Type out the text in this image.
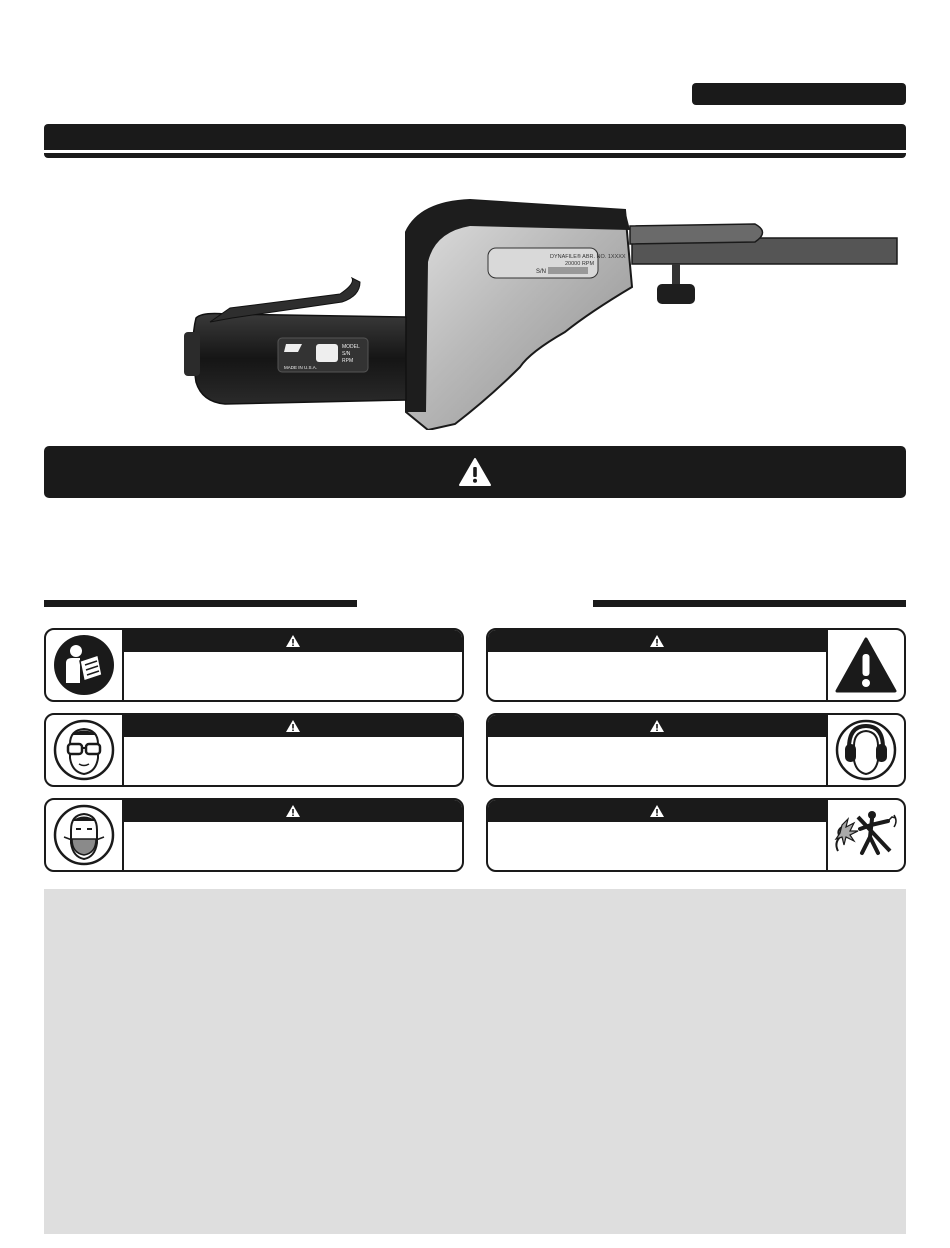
DYNAFILE® ABR. NO. 1XXXX
20000 RPM
S/N
MODEL
S/N
RPM
MADE IN U.S.A.
